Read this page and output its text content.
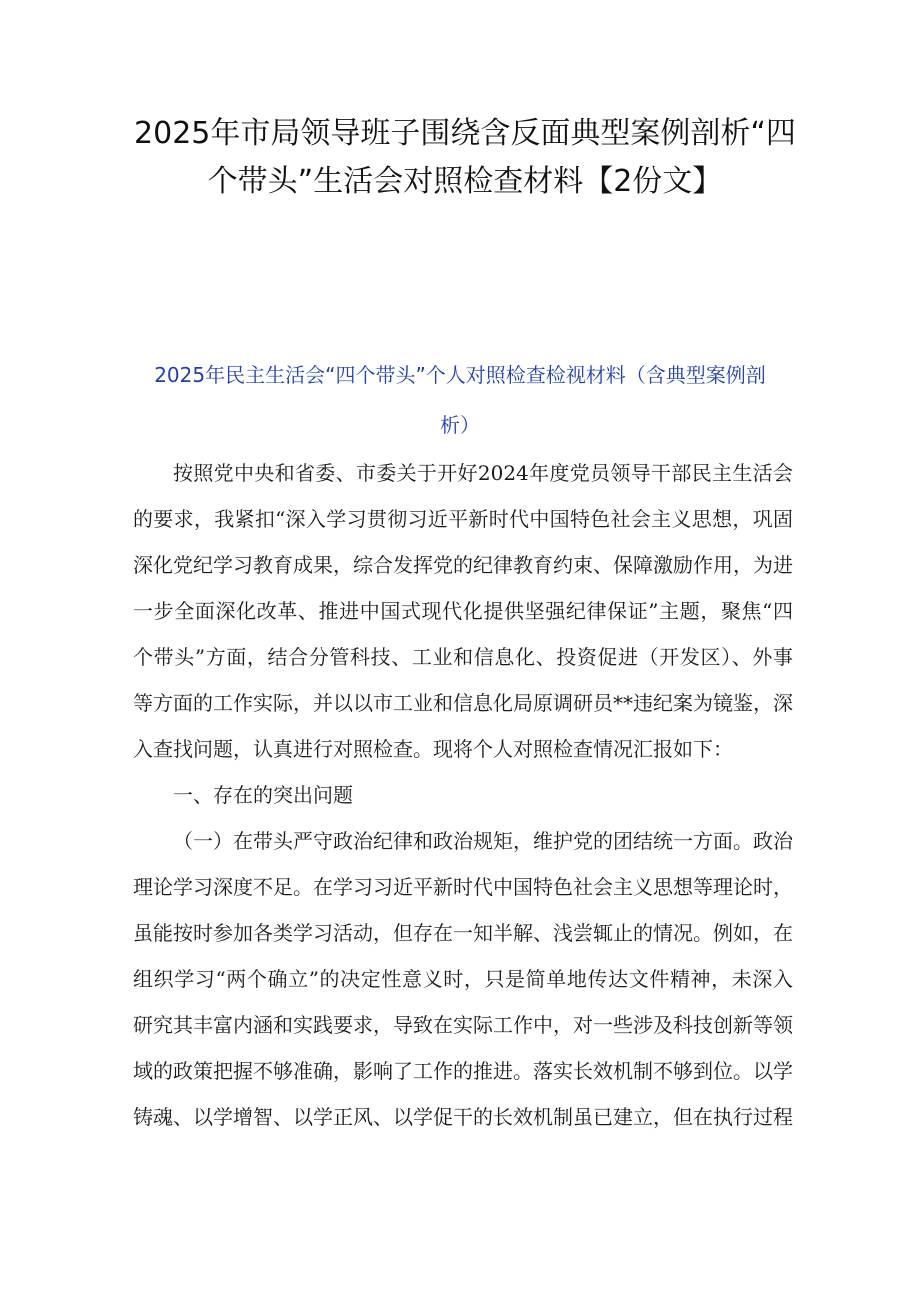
2025年市局领导班子围绕含反面典型案例剖析“四个带头”生活会对照检查材料【2份文】
2025年民主生活会“四个带头”个人对照检查检视材料（含典型案例剖析）

按照党中央和省委、市委关于开好2024年度党员领导干部民主生活会的要求，我紧扣“深入学习贯彻习近平新时代中国特色社会主义思想，巩固深化党纪学习教育成果，综合发挥党的纪律教育约束、保障激励作用，为进一步全面深化改革、推进中国式现代化提供坚强纪律保证”主题，聚焦“四个带头”方面，结合分管科技、工业和信息化、投资促进（开发区）、外事等方面的工作实际，并以以市工业和信息化局原调研员**违纪案为镜鉴，深入查找问题，认真进行对照检查。现将个人对照检查情况汇报如下：

一、存在的突出问题

（一）在带头严守政治纪律和政治规矩，维护党的团结统一方面。政治理论学习深度不足。在学习习近平新时代中国特色社会主义思想等理论时，虽能按时参加各类学习活动，但存在一知半解、浅尝辄止的情况。例如，在组织学习“两个确立”的决定性意义时，只是简单地传达文件精神，未深入研究其丰富内涵和实践要求，导致在实际工作中，对一些涉及科技创新等领域的政策把握不够准确，影响了工作的推进。落实长效机制不够到位。以学铸魂、以学增智、以学正风、以学促干的长效机制虽已建立，但在执行过程
